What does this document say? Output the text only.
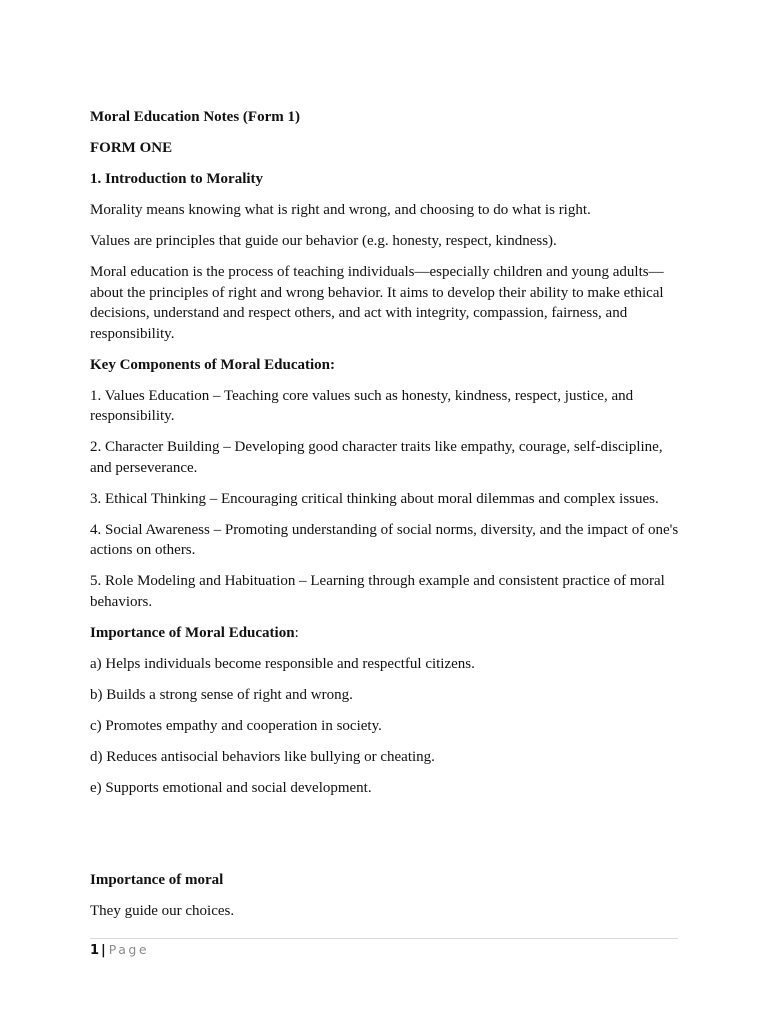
Moral Education Notes (Form 1)

FORM ONE

1. Introduction to Morality

Morality means knowing what is right and wrong, and choosing to do what is right.

Values are principles that guide our behavior (e.g. honesty, respect, kindness).

Moral education is the process of teaching individuals—especially children and young adults—about the principles of right and wrong behavior. It aims to develop their ability to make ethical decisions, understand and respect others, and act with integrity, compassion, fairness, and responsibility.

Key Components of Moral Education:

1. Values Education – Teaching core values such as honesty, kindness, respect, justice, and responsibility.

2. Character Building – Developing good character traits like empathy, courage, self-discipline, and perseverance.

3. Ethical Thinking – Encouraging critical thinking about moral dilemmas and complex issues.

4. Social Awareness – Promoting understanding of social norms, diversity, and the impact of one's actions on others.

5. Role Modeling and Habituation – Learning through example and consistent practice of moral behaviors.

Importance of Moral Education:

a) Helps individuals become responsible and respectful citizens.

b) Builds a strong sense of right and wrong.

c) Promotes empathy and cooperation in society.

d) Reduces antisocial behaviors like bullying or cheating.

e) Supports emotional and social development.

Importance of moral

They guide our choices.

1 | Page
